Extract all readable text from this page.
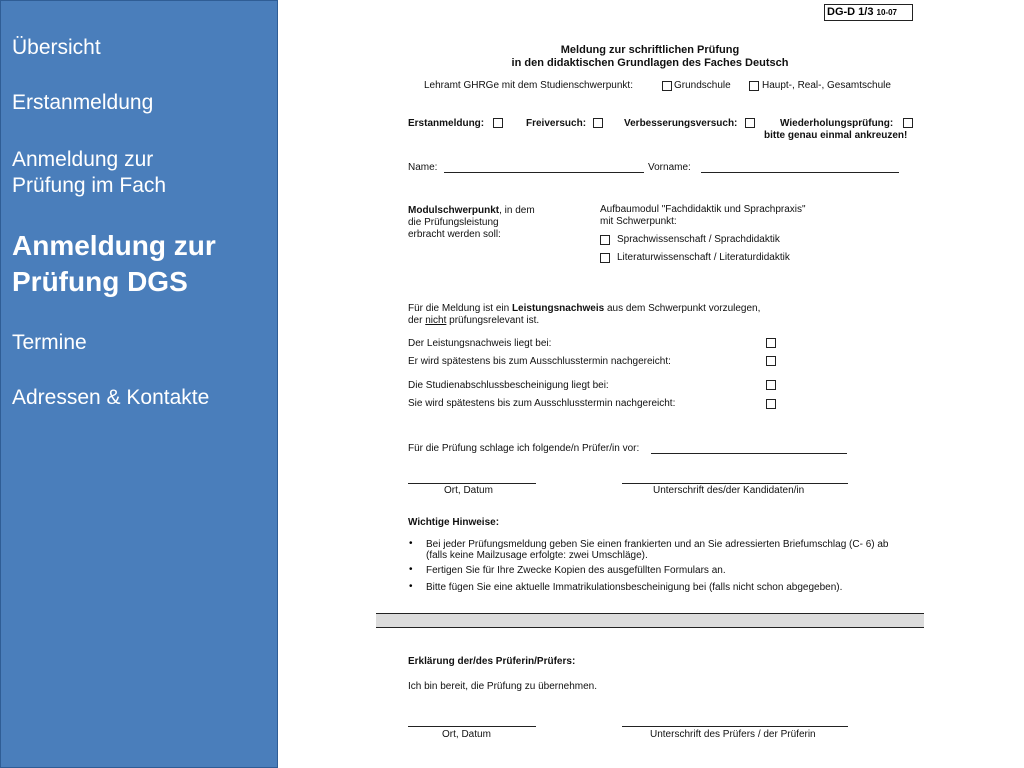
Übersicht
Erstanmeldung
Anmeldung zur Prüfung im Fach
Anmeldung zur Prüfung DGS
Termine
Adressen & Kontakte
DG-D 1/3 10-07
Meldung zur schriftlichen Prüfung
in den didaktischen Grundlagen des Faches Deutsch
Lehramt GHRGe mit dem Studienschwerpunkt:	Grundschule	Haupt-, Real-, Gesamtschule
Erstanmeldung:	Freiversuch:	Verbesserungsversuch:	Wiederholungsprüfung:
bitte genau einmal ankreuzen!
Name:	Vorname:
Modulschwerpunkt, in dem
die Prüfungsleistung
erbracht werden soll:
Aufbaumodul "Fachdidaktik und Sprachpraxis"
mit Schwerpunkt:
Sprachwissenschaft / Sprachdidaktik
Literaturwissenschaft / Literaturdidaktik
Für die Meldung ist ein Leistungsnachweis aus dem Schwerpunkt vorzulegen,
der nicht prüfungsrelevant ist.
Der Leistungsnachweis liegt bei:
Er wird spätestens bis zum Ausschlusstermin nachgereicht:
Die Studienabschlussbescheinigung liegt bei:
Sie wird spätestens bis zum Ausschlusstermin nachgereicht:
Für die Prüfung schlage ich folgende/n Prüfer/in vor:
Ort, Datum	Unterschrift des/der Kandidaten/in
Wichtige Hinweise:
• Bei jeder Prüfungsmeldung geben Sie einen frankierten und an Sie adressierten Briefumschlag (C- 6) ab
(falls keine Mailzusage erfolgte: zwei Umschläge).
• Fertigen Sie für Ihre Zwecke Kopien des ausgefüllten Formulars an.
• Bitte fügen Sie eine aktuelle Immatrikulationsbescheinigung bei (falls nicht schon abgegeben).
Erklärung der/des Prüferin/Prüfers:
Ich bin bereit, die Prüfung zu übernehmen.
Ort, Datum	Unterschrift des Prüfers / der Prüferin
